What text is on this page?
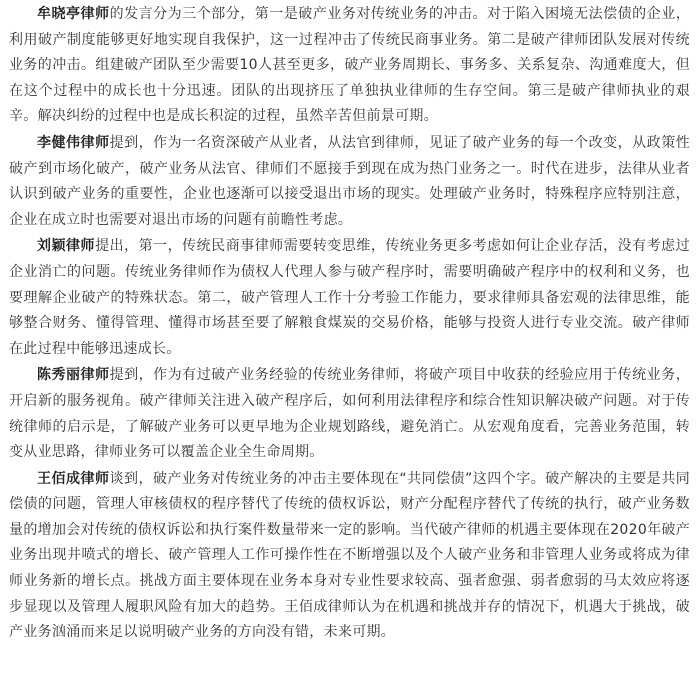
牟晓亭律师的发言分为三个部分，第一是破产业务对传统业务的冲击。对于陷入困境无法偿债的企业，利用破产制度能够更好地实现自我保护，这一过程冲击了传统民商事业务。第二是破产律师团队发展对传统业务的冲击。组建破产团队至少需要10人甚至更多，破产业务周期长、事务多、关系复杂、沟通难度大，但在这个过程中的成长也十分迅速。团队的出现挤压了单独执业律师的生存空间。第三是破产律师执业的艰辛。解决纠纷的过程中也是成长积淀的过程，虽然辛苦但前景可期。

李健伟律师提到，作为一名资深破产从业者，从法官到律师，见证了破产业务的每一个改变，从政策性破产到市场化破产，破产业务从法官、律师们不愿接手到现在成为热门业务之一。时代在进步，法律从业者认识到破产业务的重要性，企业也逐渐可以接受退出市场的现实。处理破产业务时，特殊程序应特别注意，企业在成立时也需要对退出市场的问题有前瞻性考虑。

刘颖律师提出，第一，传统民商事律师需要转变思维，传统业务更多考虑如何让企业存活，没有考虑过企业消亡的问题。传统业务律师作为债权人代理人参与破产程序时，需要明确破产程序中的权利和义务，也要理解企业破产的特殊状态。第二，破产管理人工作十分考验工作能力，要求律师具备宏观的法律思维，能够整合财务、懂得管理、懂得市场甚至要了解粮食煤炭的交易价格，能够与投资人进行专业交流。破产律师在此过程中能够迅速成长。

陈秀丽律师提到，作为有过破产业务经验的传统业务律师，将破产项目中收获的经验应用于传统业务，开启新的服务视角。破产律师关注进入破产程序后，如何利用法律程序和综合性知识解决破产问题。对于传统律师的启示是，了解破产业务可以更早地为企业规划路线，避免消亡。从宏观角度看，完善业务范围，转变从业思路，律师业务可以覆盖企业全生命周期。

王佰成律师谈到，破产业务对传统业务的冲击主要体现在“共同偿债”这四个字。破产解决的主要是共同偿债的问题，管理人审核债权的程序替代了传统的债权诉讼，财产分配程序替代了传统的执行，破产业务数量的增加会对传统的债权诉讼和执行案件数量带来一定的影响。当代破产律师的机遇主要体现在2020年破产业务出现井喷式的增长、破产管理人工作可操作性在不断增强以及个人破产业务和非管理人业务或将成为律师业务新的增长点。挑战方面主要体现在业务本身对专业性要求较高、强者愈强、弱者愈弱的马太效应将逐步显现以及管理人履职风险有加大的趋势。王佰成律师认为在机遇和挑战并存的情况下，机遇大于挑战，破产业务汹涌而来足以说明破产业务的方向没有错，未来可期。
